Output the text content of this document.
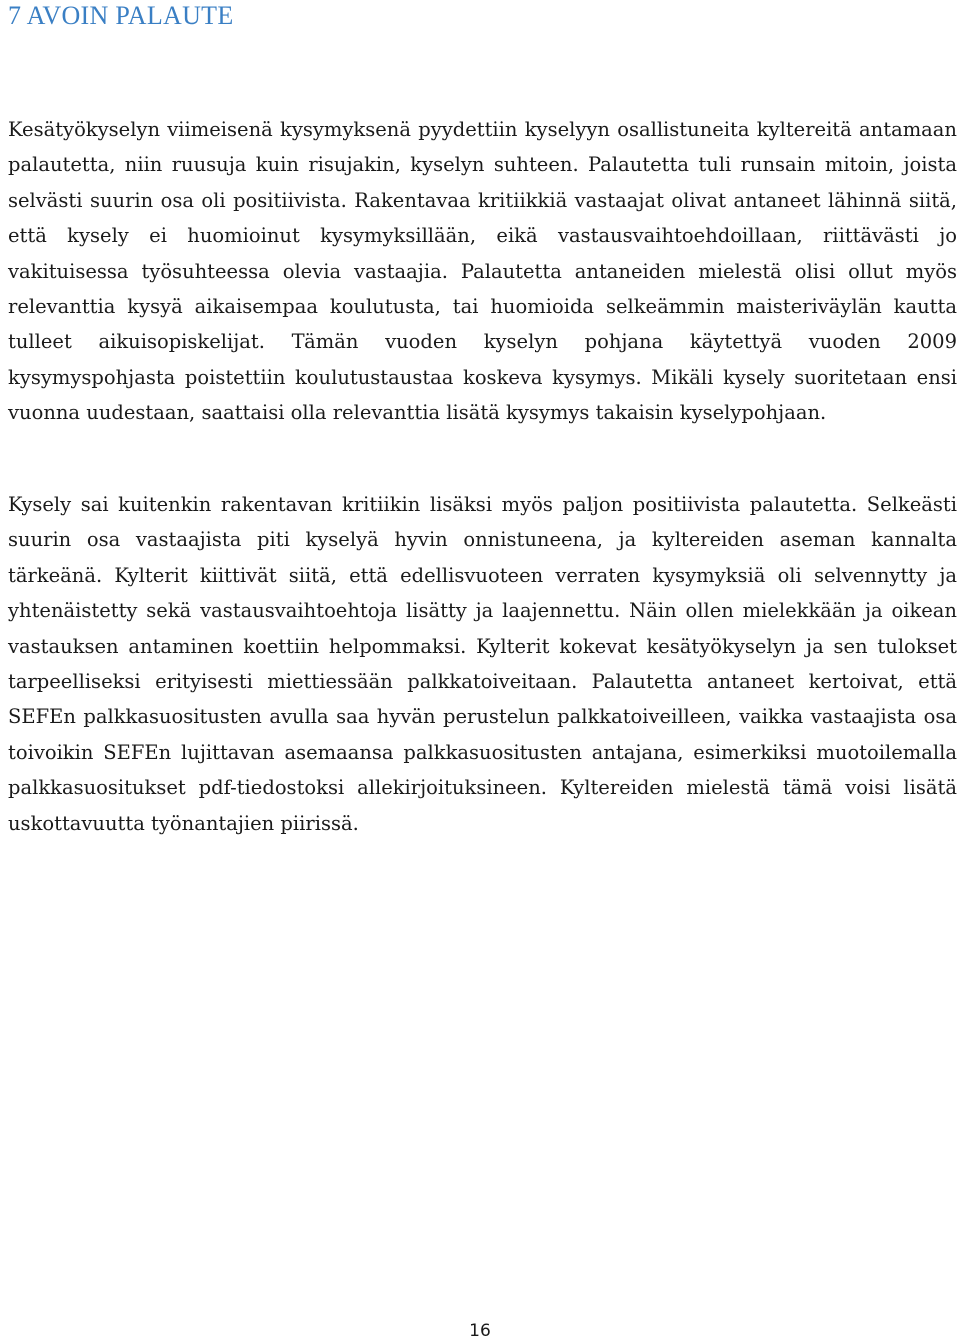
7 AVOIN PALAUTE

Kesätyökyselyn viimeisenä kysymyksenä pyydettiin kyselyyn osallistuneita kyltereitä antamaan palautetta, niin ruusuja kuin risujakin, kyselyn suhteen. Palautetta tuli runsain mitoin, joista selvästi suurin osa oli positiivista. Rakentavaa kritiikkiä vastaajat olivat antaneet lähinnä siitä, että kysely ei huomioinut kysymyksillään, eikä vastausvaihtoehdoillaan, riittävästi jo vakituisessa työsuhteessa olevia vastaajia. Palautetta antaneiden mielestä olisi ollut myös relevanttia kysyä aikaisempaa koulutusta, tai huomioida selkeämmin maisteriväylän kautta tulleet aikuisopiskelijat. Tämän vuoden kyselyn pohjana käytettyä vuoden 2009 kysymyspohjasta poistettiin koulutustaustaa koskeva kysymys. Mikäli kysely suoritetaan ensi vuonna uudestaan, saattaisi olla relevanttia lisätä kysymys takaisin kyselypohjaan.

Kysely sai kuitenkin rakentavan kritiikin lisäksi myös paljon positiivista palautetta. Selkeästi suurin osa vastaajista piti kyselyä hyvin onnistuneena, ja kyltereiden aseman kannalta tärkeänä. Kylterit kiittivät siitä, että edellisvuoteen verraten kysymyksiä oli selvennytty ja yhtenäistetty sekä vastausvaihtoehtoja lisätty ja laajennettu. Näin ollen mielekkään ja oikean vastauksen antaminen koettiin helpommaksi. Kylterit kokevat kesätyökyselyn ja sen tulokset tarpeelliseksi erityisesti miettiessään palkkatoiveitaan. Palautetta antaneet kertoivat, että SEFEn palkkasuositusten avulla saa hyvän perustelun palkkatoiveilleen, vaikka vastaajista osa toivoikin SEFEn lujittavan asemaansa palkkasuositusten antajana, esimerkiksi muotoilemalla palkkasuositukset pdf-tiedostoksi allekirjoituksineen. Kyltereiden mielestä tämä voisi lisätä uskottavuutta työnantajien piirissä.

16
